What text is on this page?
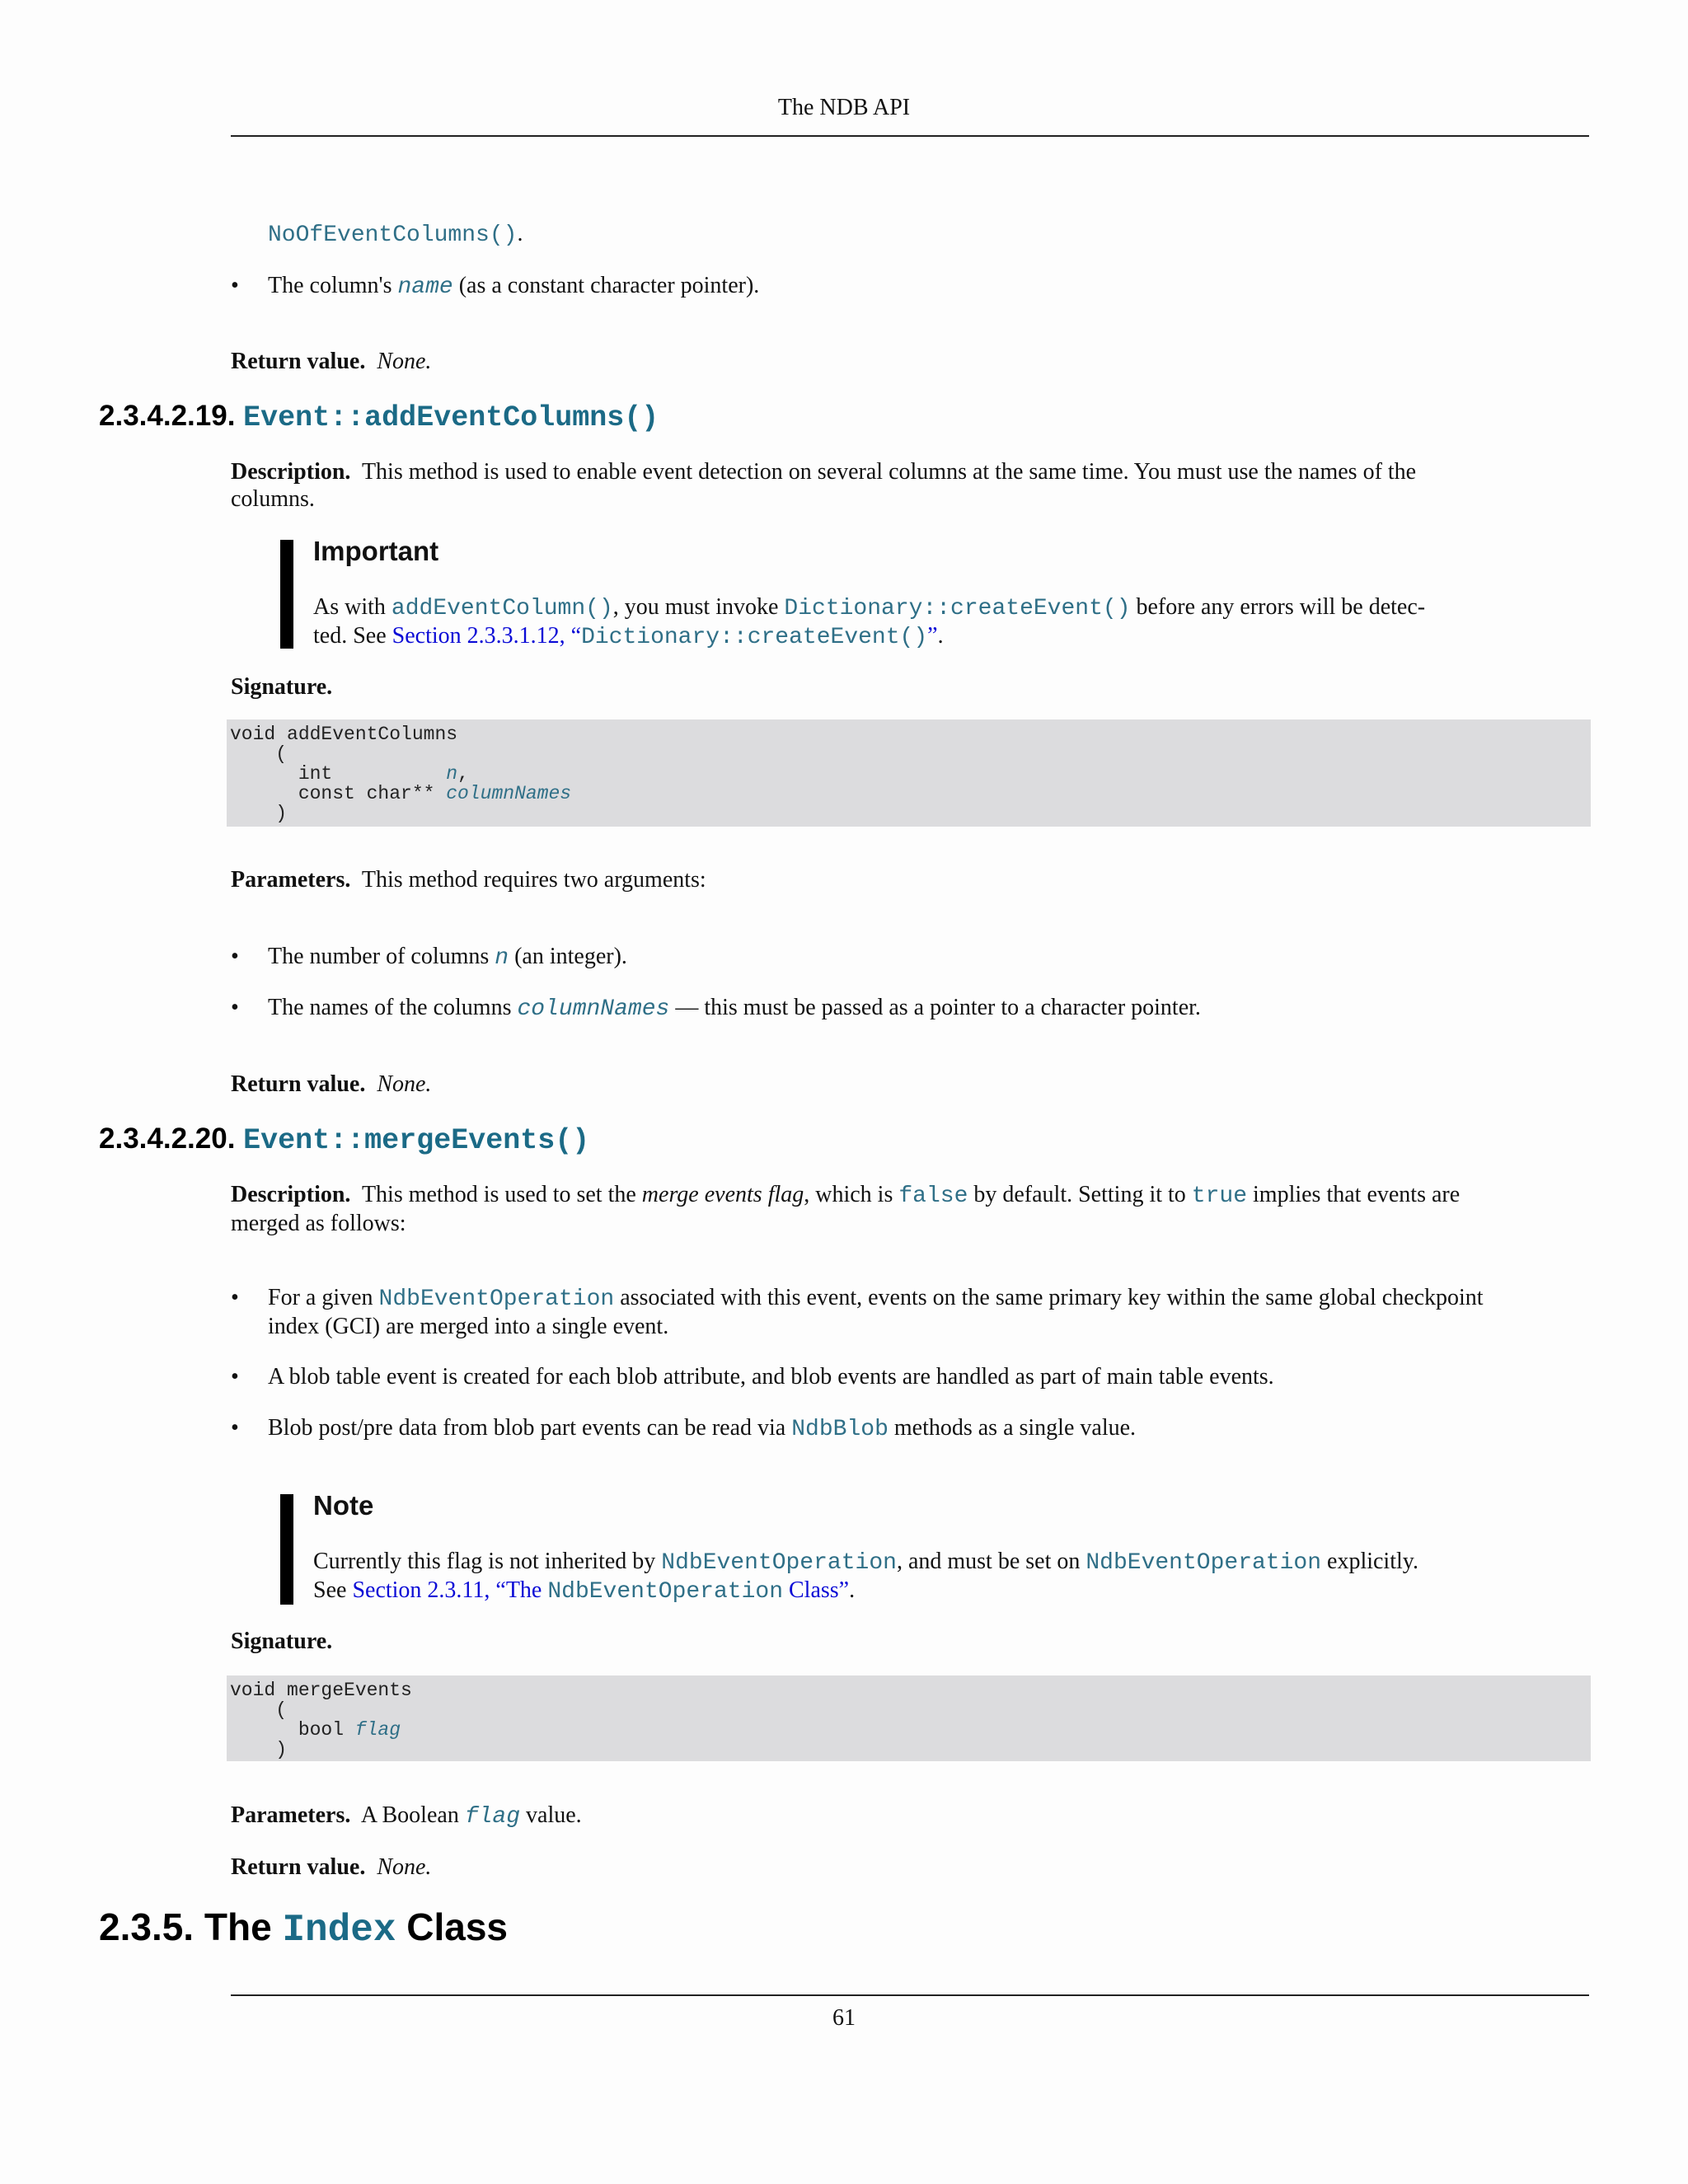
The NDB API
NoOfEventColumns().
• The column's name (as a constant character pointer).
Return value. None.
2.3.4.2.19. Event::addEventColumns()
Description. This method is used to enable event detection on several columns at the same time. You must use the names of the
columns.
Important
As with addEventColumn(), you must invoke Dictionary::createEvent() before any errors will be detec-
ted. See Section 2.3.3.1.12, “Dictionary::createEvent()”.
Signature.
void addEventColumns
(
int          n,
const char** columnNames
)
Parameters. This method requires two arguments:
• The number of columns n (an integer).
• The names of the columns columnNames — this must be passed as a pointer to a character pointer.
Return value. None.
2.3.4.2.20. Event::mergeEvents()
Description. This method is used to set the merge events flag, which is false by default. Setting it to true implies that events are
merged as follows:
• For a given NdbEventOperation associated with this event, events on the same primary key within the same global checkpoint
index (GCI) are merged into a single event.
• A blob table event is created for each blob attribute, and blob events are handled as part of main table events.
• Blob post/pre data from blob part events can be read via NdbBlob methods as a single value.
Note
Currently this flag is not inherited by NdbEventOperation, and must be set on NdbEventOperation explicitly.
See Section 2.3.11, “The NdbEventOperation Class”.
Signature.
void mergeEvents
(
bool flag
)
Parameters. A Boolean flag value.
Return value. None.
2.3.5. The Index Class
61
